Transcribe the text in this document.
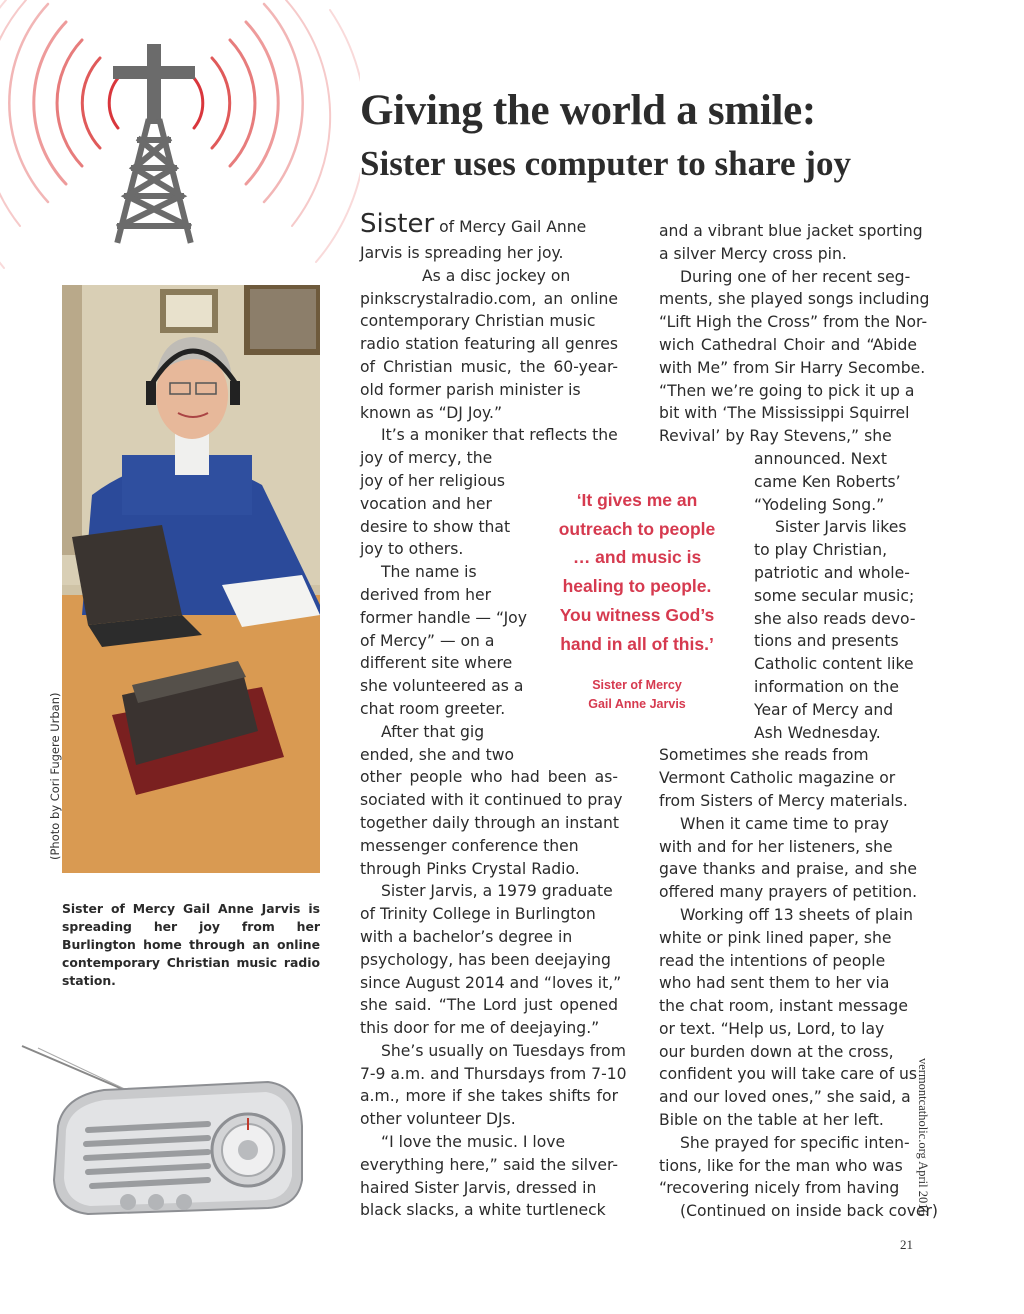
Giving the world a smile:
Sister uses computer to share joy
(Photo by Cori Fugere Urban)
Sister of Mercy Gail Anne Jarvis is spreading her joy from her Burlington home through an online contemporary Christian music radio station.
Sister of Mercy Gail Anne
Jarvis is spreading her joy.
As a disc jockey on
pinkscrystalradio.com, an online
contemporary Christian music
radio station featuring all genres
of Christian music, the 60-year-
old former parish minister is
known as “DJ Joy.”
It’s a moniker that reflects the
joy of mercy, the
joy of her religious
vocation and her
desire to show that
joy to others.
The name is
derived from her
former handle — “Joy
of Mercy” — on a
different site where
she volunteered as a
chat room greeter.
After that gig
ended, she and two
other people who had been as-
sociated with it continued to pray
together daily through an instant
messenger conference then
through Pinks Crystal Radio.
Sister Jarvis, a 1979 graduate
of Trinity College in Burlington
with a bachelor’s degree in
psychology, has been deejaying
since August 2014 and “loves it,”
she said. “The Lord just opened
this door for me of deejaying.”
She’s usually on Tuesdays from
7-9 a.m. and Thursdays from 7-10
a.m., more if she takes shifts for
other volunteer DJs.
“I love the music. I love
everything here,” said the silver-
haired Sister Jarvis, dressed in
black slacks, a white turtleneck
‘It gives me an
outreach to people
… and music is
healing to people.
You witness God’s
hand in all of this.’
Sister of Mercy
Gail Anne Jarvis
and a vibrant blue jacket sporting
a silver Mercy cross pin.
During one of her recent seg-
ments, she played songs including
“Lift High the Cross” from the Nor-
wich Cathedral Choir and “Abide
with Me” from Sir Harry Secombe.
“Then we’re going to pick it up a
bit with ‘The Mississippi Squirrel
Revival’ by Ray Stevens,” she
announced. Next
came Ken Roberts’
“Yodeling Song.”
Sister Jarvis likes
to play Christian,
patriotic and whole-
some secular music;
she also reads devo-
tions and presents
Catholic content like
information on the
Year of Mercy and
Ash Wednesday.
Sometimes she reads from
Vermont Catholic magazine or
from Sisters of Mercy materials.
When it came time to pray
with and for her listeners, she
gave thanks and praise, and she
offered many prayers of petition.
Working off 13 sheets of plain
white or pink lined paper, she
read the intentions of people
who had sent them to her via
the chat room, instant message
or text. “Help us, Lord, to lay
our burden down at the cross,
confident you will take care of us
and our loved ones,” she said, a
Bible on the table at her left.
She prayed for specific inten-
tions, like for the man who was
“recovering nicely from having
(Continued on inside back cover)
vermontcatholic.org April 2016
21
